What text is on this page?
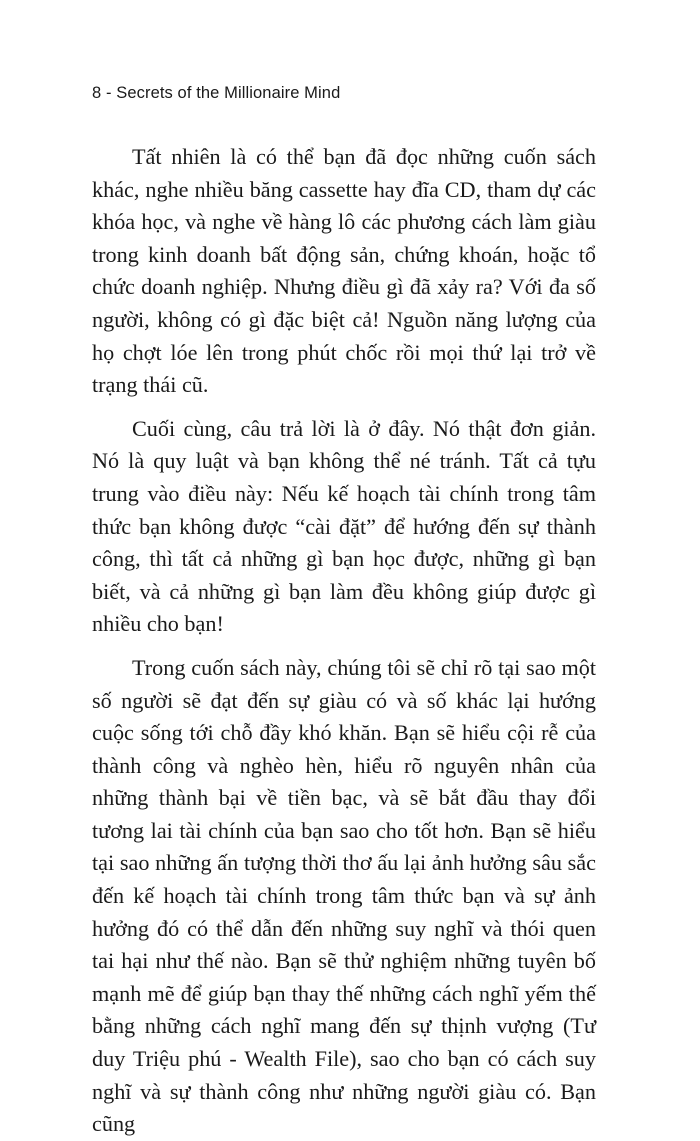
8 - Secrets of the Millionaire Mind

Tất nhiên là có thể bạn đã đọc những cuốn sách khác, nghe nhiều băng cassette hay đĩa CD, tham dự các khóa học, và nghe về hàng lô các phương cách làm giàu trong kinh doanh bất động sản, chứng khoán, hoặc tổ chức doanh nghiệp. Nhưng điều gì đã xảy ra? Với đa số người, không có gì đặc biệt cả! Nguồn năng lượng của họ chợt lóe lên trong phút chốc rồi mọi thứ lại trở về trạng thái cũ.

Cuối cùng, câu trả lời là ở đây. Nó thật đơn giản. Nó là quy luật và bạn không thể né tránh. Tất cả tựu trung vào điều này: Nếu kế hoạch tài chính trong tâm thức bạn không được “cài đặt” để hướng đến sự thành công, thì tất cả những gì bạn học được, những gì bạn biết, và cả những gì bạn làm đều không giúp được gì nhiều cho bạn!

Trong cuốn sách này, chúng tôi sẽ chỉ rõ tại sao một số người sẽ đạt đến sự giàu có và số khác lại hướng cuộc sống tới chỗ đầy khó khăn. Bạn sẽ hiểu cội rễ của thành công và nghèo hèn, hiểu rõ nguyên nhân của những thành bại về tiền bạc, và sẽ bắt đầu thay đổi tương lai tài chính của bạn sao cho tốt hơn. Bạn sẽ hiểu tại sao những ấn tượng thời thơ ấu lại ảnh hưởng sâu sắc đến kế hoạch tài chính trong tâm thức bạn và sự ảnh hưởng đó có thể dẫn đến những suy nghĩ và thói quen tai hại như thế nào. Bạn sẽ thử nghiệm những tuyên bố mạnh mẽ để giúp bạn thay thế những cách nghĩ yếm thế bằng những cách nghĩ mang đến sự thịnh vượng (Tư duy Triệu phú - Wealth File), sao cho bạn có cách suy nghĩ và sự thành công như những người giàu có. Bạn cũng
